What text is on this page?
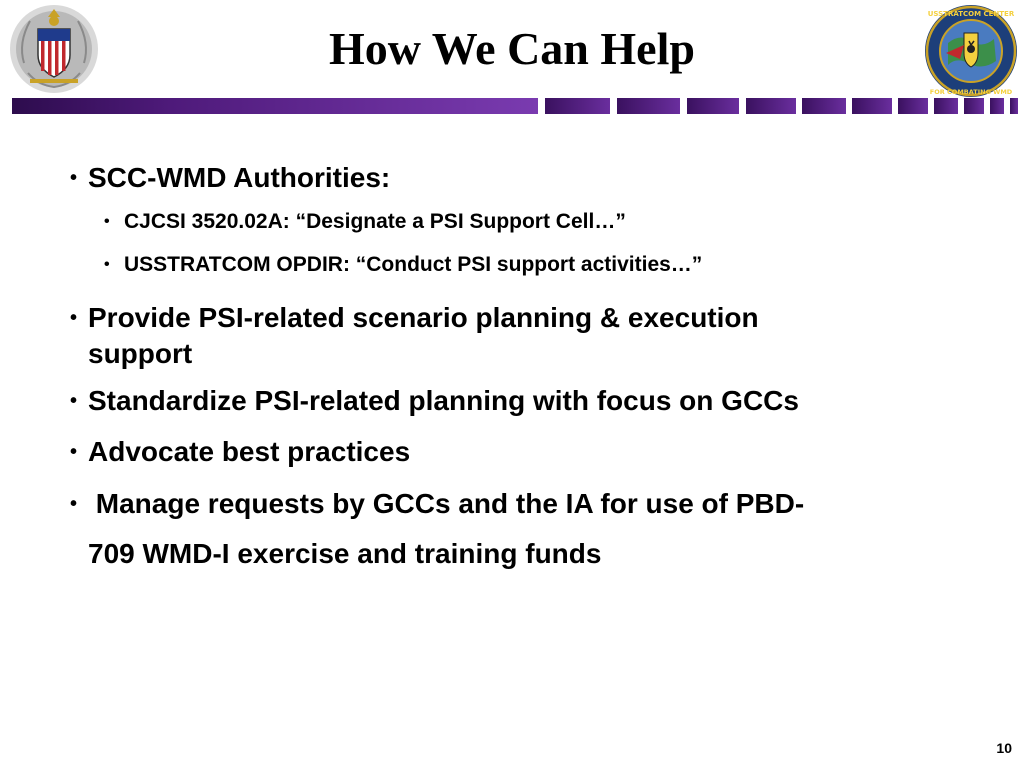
How We Can Help
USSTRATCOM CENTER
FOR COMBATING WMD
• SCC-WMD Authorities:
• CJCSI 3520.02A: “Designate a PSI Support Cell…”
• USSTRATCOM OPDIR: “Conduct PSI support activities…”
• Provide PSI-related scenario planning & execution
support
• Standardize PSI-related planning with focus on GCCs
• Advocate best practices
• Manage requests by GCCs and the IA for use of PBD-
709 WMD-I exercise and training funds
10
